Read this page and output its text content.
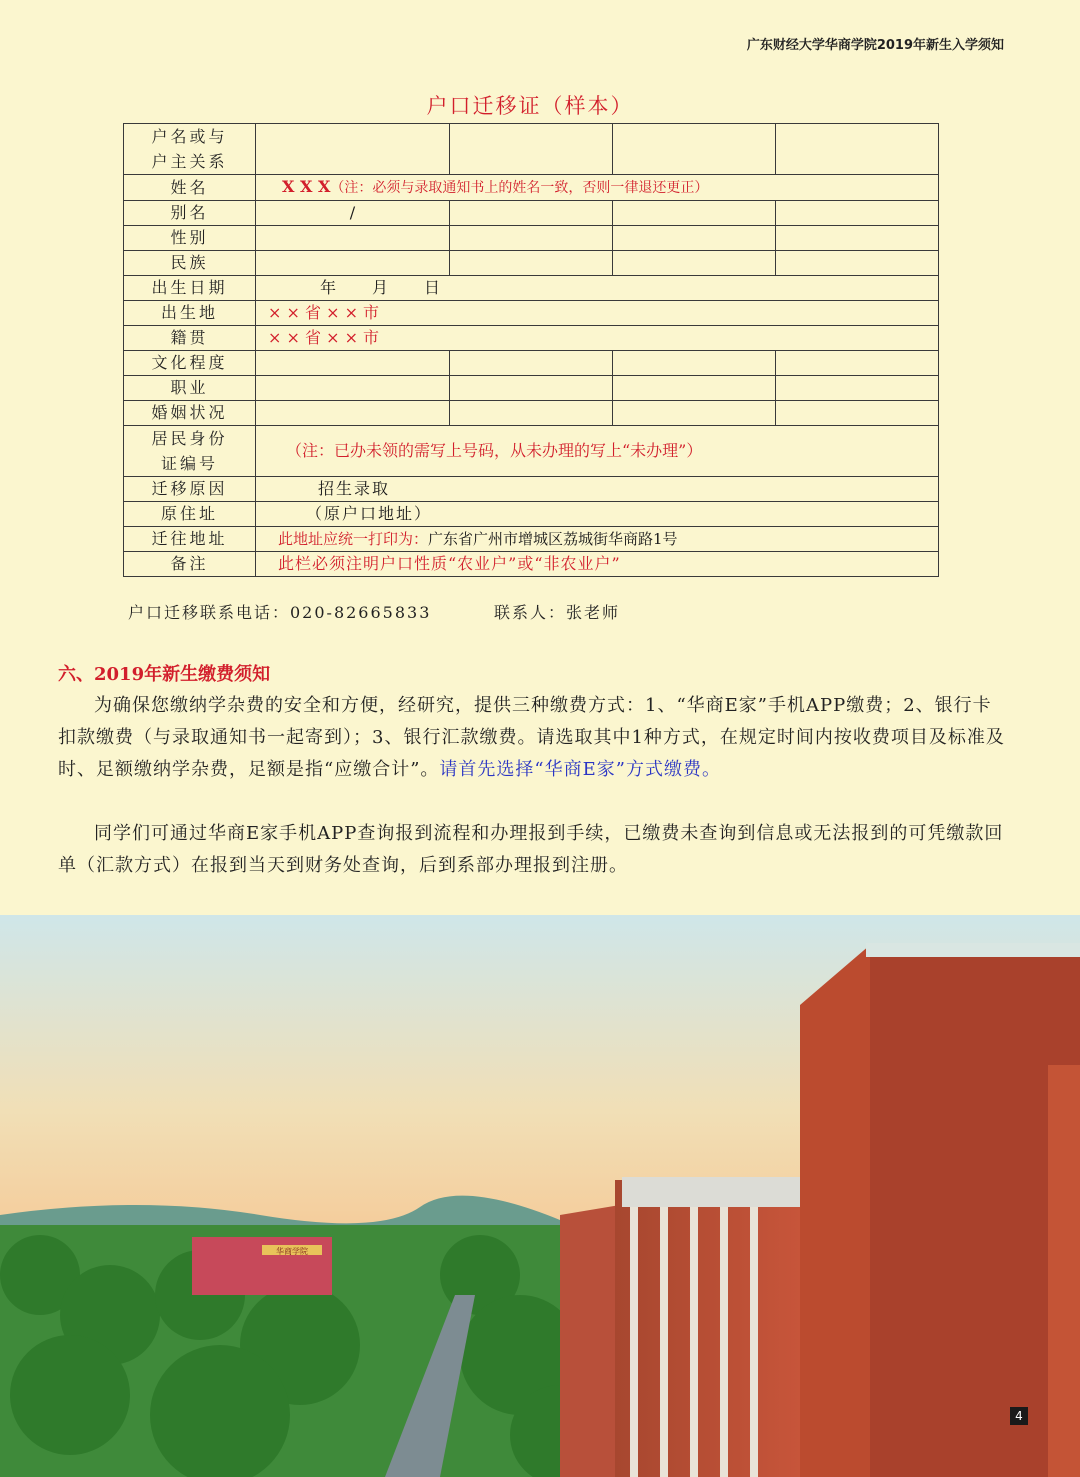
广东财经大学华商学院2019年新生入学须知
户口迁移证（样本）
户名或与
户主关系				

姓名	X X X（注：必须与录取通知书上的姓名一致，否则一律退还更正）			
别名	/			
性别				
民族				
出生日期	年 月 日			
出生地	× × 省 × × 市			
籍贯	× × 省 × × 市			
文化程度				
职业				
婚姻状况				

居民身份
证编号	（注：已办未领的需写上号码，从未办理的写上“未办理”）			
迁移原因	招生录取			
原住址	（原户口地址）			
迁往地址	此地址应统一打印为：广东省广州市增城区荔城街华商路1号			
备注	此栏必须注明户口性质“农业户”或“非农业户”			
户口迁移联系电话：020-82665833	联系人：张老师
六、2019年新生缴费须知
为确保您缴纳学杂费的安全和方便，经研究，提供三种缴费方式：1、“华商E家”手机APP缴费；2、银行卡扣款缴费（与录取通知书一起寄到）；3、银行汇款缴费。请选取其中1种方式，在规定时间内按收费项目及标准及时、足额缴纳学杂费，足额是指“应缴合计”。请首先选择“华商E家”方式缴费。
同学们可通过华商E家手机APP查询报到流程和办理报到手续，已缴费未查询到信息或无法报到的可凭缴款回单（汇款方式）在报到当天到财务处查询，后到系部办理报到注册。
华商学院
4
